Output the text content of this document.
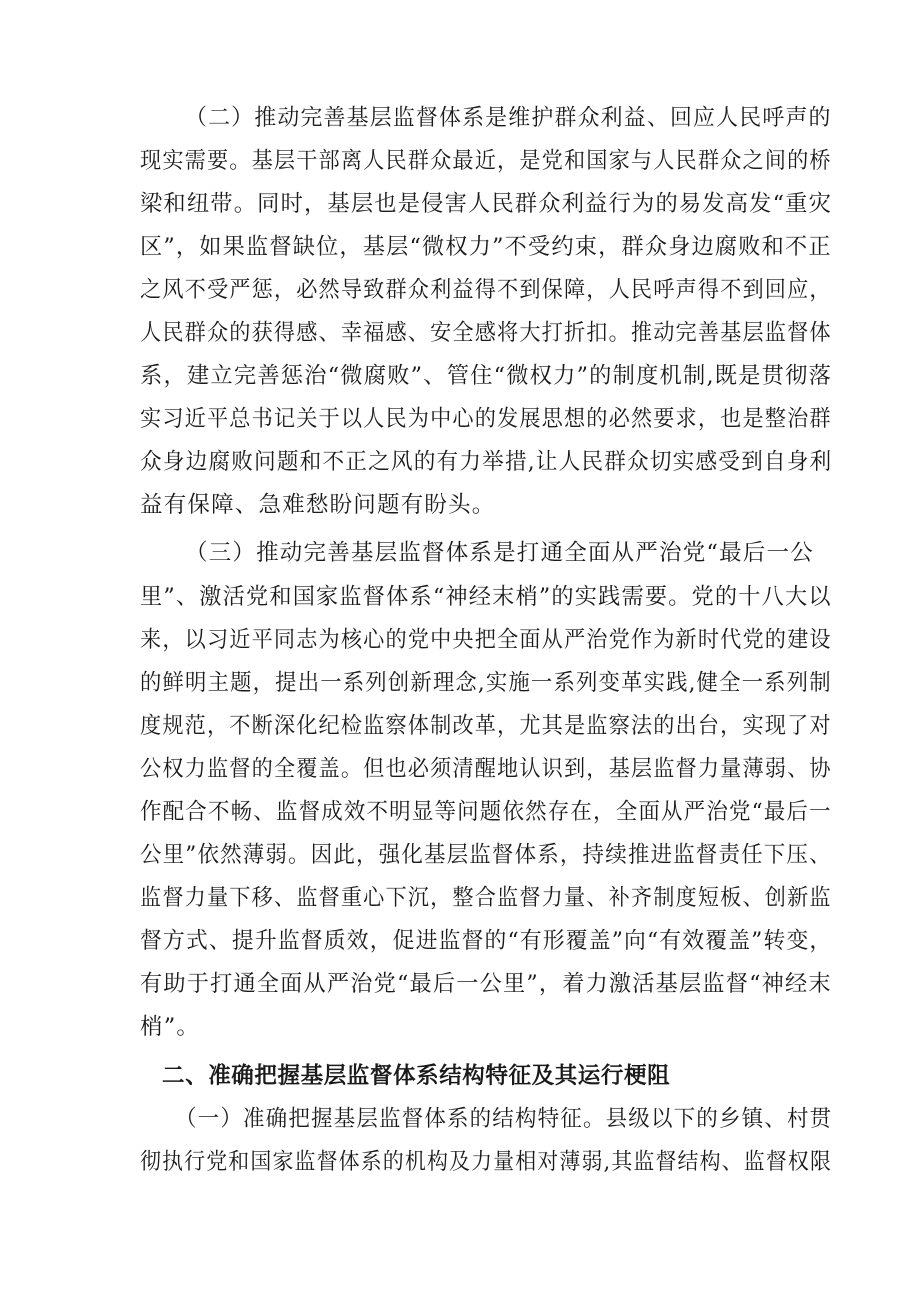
（二）推动完善基层监督体系是维护群众利益、回应人民呼声的
现实需要。基层干部离人民群众最近，是党和国家与人民群众之间的桥
梁和纽带。同时，基层也是侵害人民群众利益行为的易发高发“重灾
区”，如果监督缺位，基层“微权力”不受约束，群众身边腐败和不正
之风不受严惩，必然导致群众利益得不到保障，人民呼声得不到回应，
人民群众的获得感、幸福感、安全感将大打折扣。推动完善基层监督体
系，建立完善惩治“微腐败”、管住“微权力”的制度机制,既是贯彻落
实习近平总书记关于以人民为中心的发展思想的必然要求，也是整治群
众身边腐败问题和不正之风的有力举措,让人民群众切实感受到自身利
益有保障、急难愁盼问题有盼头。
（三）推动完善基层监督体系是打通全面从严治党“最后一公
里”、激活党和国家监督体系“神经末梢”的实践需要。党的十八大以
来，以习近平同志为核心的党中央把全面从严治党作为新时代党的建设
的鲜明主题，提出一系列创新理念,实施一系列变革实践,健全一系列制
度规范，不断深化纪检监察体制改革，尤其是监察法的出台，实现了对
公权力监督的全覆盖。但也必须清醒地认识到，基层监督力量薄弱、协
作配合不畅、监督成效不明显等问题依然存在，全面从严治党“最后一
公里”依然薄弱。因此，强化基层监督体系，持续推进监督责任下压、
监督力量下移、监督重心下沉，整合监督力量、补齐制度短板、创新监
督方式、提升监督质效，促进监督的“有形覆盖”向“有效覆盖”转变，
有助于打通全面从严治党“最后一公里”，着力激活基层监督“神经末
梢”。
二、准确把握基层监督体系结构特征及其运行梗阻
（一）准确把握基层监督体系的结构特征。县级以下的乡镇、村贯
彻执行党和国家监督体系的机构及力量相对薄弱,其监督结构、监督权限
